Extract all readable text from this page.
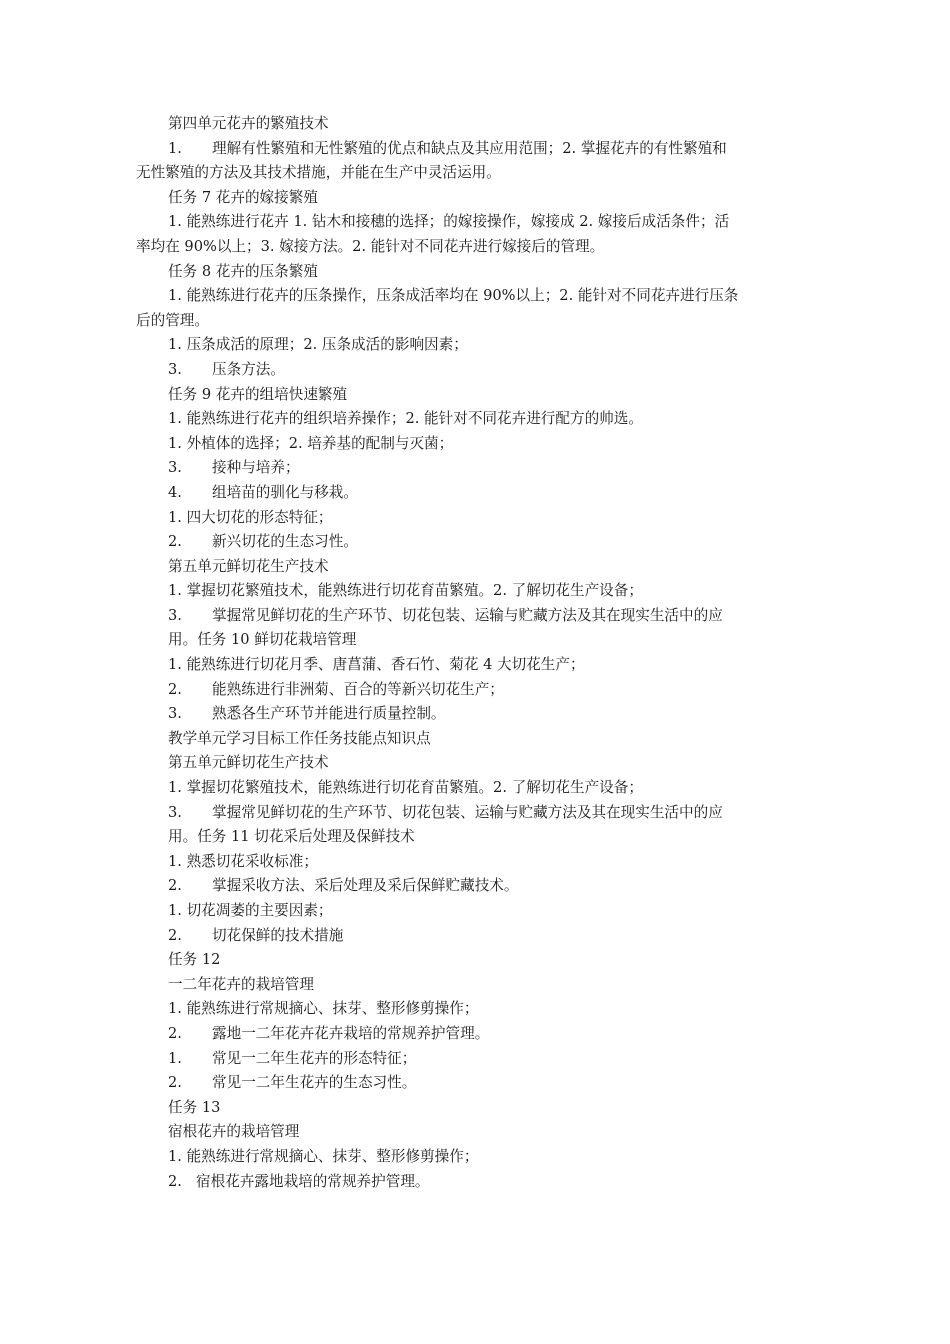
第四单元花卉的繁殖技术
1. 理解有性繁殖和无性繁殖的优点和缺点及其应用范围；2. 掌握花卉的有性繁殖和
无性繁殖的方法及其技术措施，并能在生产中灵活运用。
任务 7 花卉的嫁接繁殖
1. 能熟练进行花卉 1. 钻木和接穗的选择；的嫁接操作，嫁接成 2. 嫁接后成活条件；活
率均在 90%以上；3. 嫁接方法。2. 能针对不同花卉进行嫁接后的管理。
任务 8 花卉的压条繁殖
1. 能熟练进行花卉的压条操作，压条成活率均在 90%以上；2. 能针对不同花卉进行压条
后的管理。
1. 压条成活的原理；2. 压条成活的影响因素；
3. 压条方法。
任务 9 花卉的组培快速繁殖
1. 能熟练进行花卉的组织培养操作；2. 能针对不同花卉进行配方的帅选。
1. 外植体的选择；2. 培养基的配制与灭菌；
3. 接种与培养；
4. 组培苗的驯化与移栽。
1. 四大切花的形态特征；
2. 新兴切花的生态习性。
第五单元鲜切花生产技术
1. 掌握切花繁殖技术，能熟练进行切花育苗繁殖。2. 了解切花生产设备；
3. 掌握常见鲜切花的生产环节、切花包装、运输与贮藏方法及其在现实生活中的应
用。任务 10 鲜切花栽培管理
1. 能熟练进行切花月季、唐菖蒲、香石竹、菊花 4 大切花生产；
2. 能熟练进行非洲菊、百合的等新兴切花生产；
3. 熟悉各生产环节并能进行质量控制。
教学单元学习目标工作任务技能点知识点
第五单元鲜切花生产技术
1. 掌握切花繁殖技术，能熟练进行切花育苗繁殖。2. 了解切花生产设备；
3. 掌握常见鲜切花的生产环节、切花包装、运输与贮藏方法及其在现实生活中的应
用。任务 11 切花采后处理及保鲜技术
1. 熟悉切花采收标准；
2. 掌握采收方法、采后处理及采后保鲜贮藏技术。
1. 切花凋萎的主要因素；
2. 切花保鲜的技术措施
任务 12
一二年花卉的栽培管理
1. 能熟练进行常规摘心、抹芽、整形修剪操作；
2. 露地一二年花卉花卉栽培的常规养护管理。
1. 常见一二年生花卉的形态特征；
2. 常见一二年生花卉的生态习性。
任务 13
宿根花卉的栽培管理
1. 能熟练进行常规摘心、抹芽、整形修剪操作；
2. 宿根花卉露地栽培的常规养护管理。
